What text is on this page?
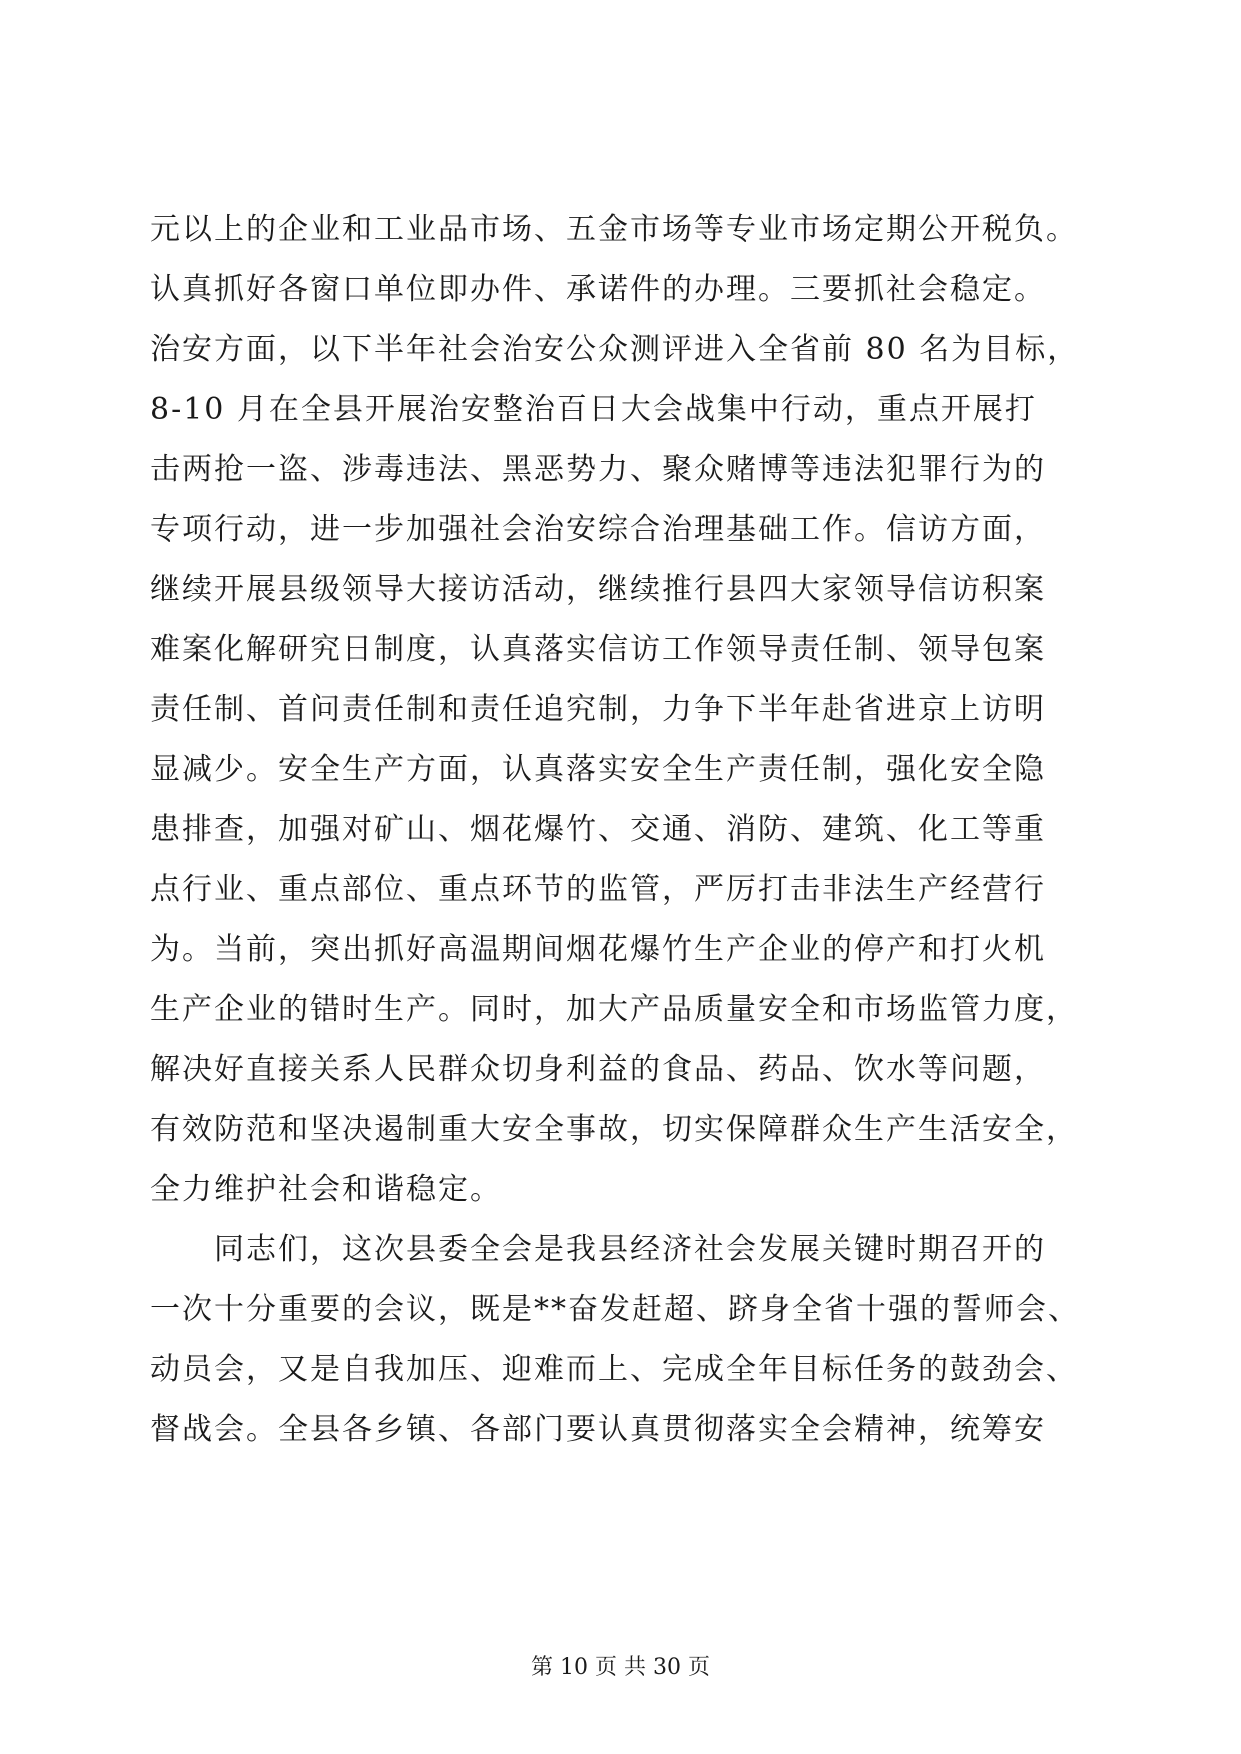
元以上的企业和工业品市场、五金市场等专业市场定期公开税负。
认真抓好各窗口单位即办件、承诺件的办理。三要抓社会稳定。
治安方面，以下半年社会治安公众测评进入全省前 80 名为目标，
8-10 月在全县开展治安整治百日大会战集中行动，重点开展打
击两抢一盗、涉毒违法、黑恶势力、聚众赌博等违法犯罪行为的
专项行动，进一步加强社会治安综合治理基础工作。信访方面，
继续开展县级领导大接访活动，继续推行县四大家领导信访积案
难案化解研究日制度，认真落实信访工作领导责任制、领导包案
责任制、首问责任制和责任追究制，力争下半年赴省进京上访明
显减少。安全生产方面，认真落实安全生产责任制，强化安全隐
患排查，加强对矿山、烟花爆竹、交通、消防、建筑、化工等重
点行业、重点部位、重点环节的监管，严厉打击非法生产经营行
为。当前，突出抓好高温期间烟花爆竹生产企业的停产和打火机
生产企业的错时生产。同时，加大产品质量安全和市场监管力度，
解决好直接关系人民群众切身利益的食品、药品、饮水等问题，
有效防范和坚决遏制重大安全事故，切实保障群众生产生活安全，
全力维护社会和谐稳定。
　　同志们，这次县委全会是我县经济社会发展关键时期召开的
一次十分重要的会议，既是**奋发赶超、跻身全省十强的誓师会、
动员会，又是自我加压、迎难而上、完成全年目标任务的鼓劲会、
督战会。全县各乡镇、各部门要认真贯彻落实全会精神，统筹安
第 10 页 共 30 页
